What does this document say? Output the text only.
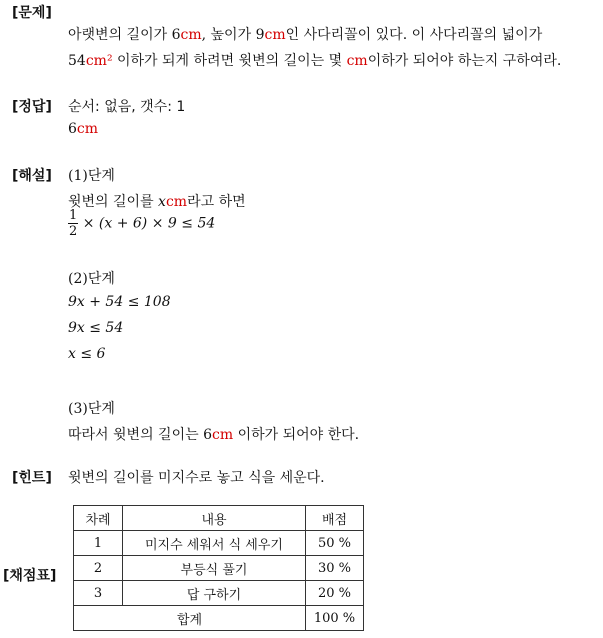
[문제]
아랫변의 길이가 6cm, 높이가 9cm인 사다리꼴이 있다. 이 사다리꼴의 넓이가
54cm² 이하가 되게 하려면 윗변의 길이는 몇 cm이하가 되어야 하는지 구하여라.
[정답] 순서: 없음, 갯수: 1
6cm
[해설] (1)단계
윗변의 길이를 xcm라고 하면
$\frac{1}{2} \times (x + 6) \times 9 \le 54$
(2)단계
9x + 54 ≤ 108
9x ≤ 54
x ≤ 6
(3)단계
따라서 윗변의 길이는 6cm 이하가 되어야 한다.
[힌트] 윗변의 길이를 미지수로 놓고 식을 세운다.
[채점표]
차례	내용	배점
1	미지수 세워서 식 세우기	50 %
2	부등식 풀기	30 %
3	답 구하기	20 %
합계		100 %
